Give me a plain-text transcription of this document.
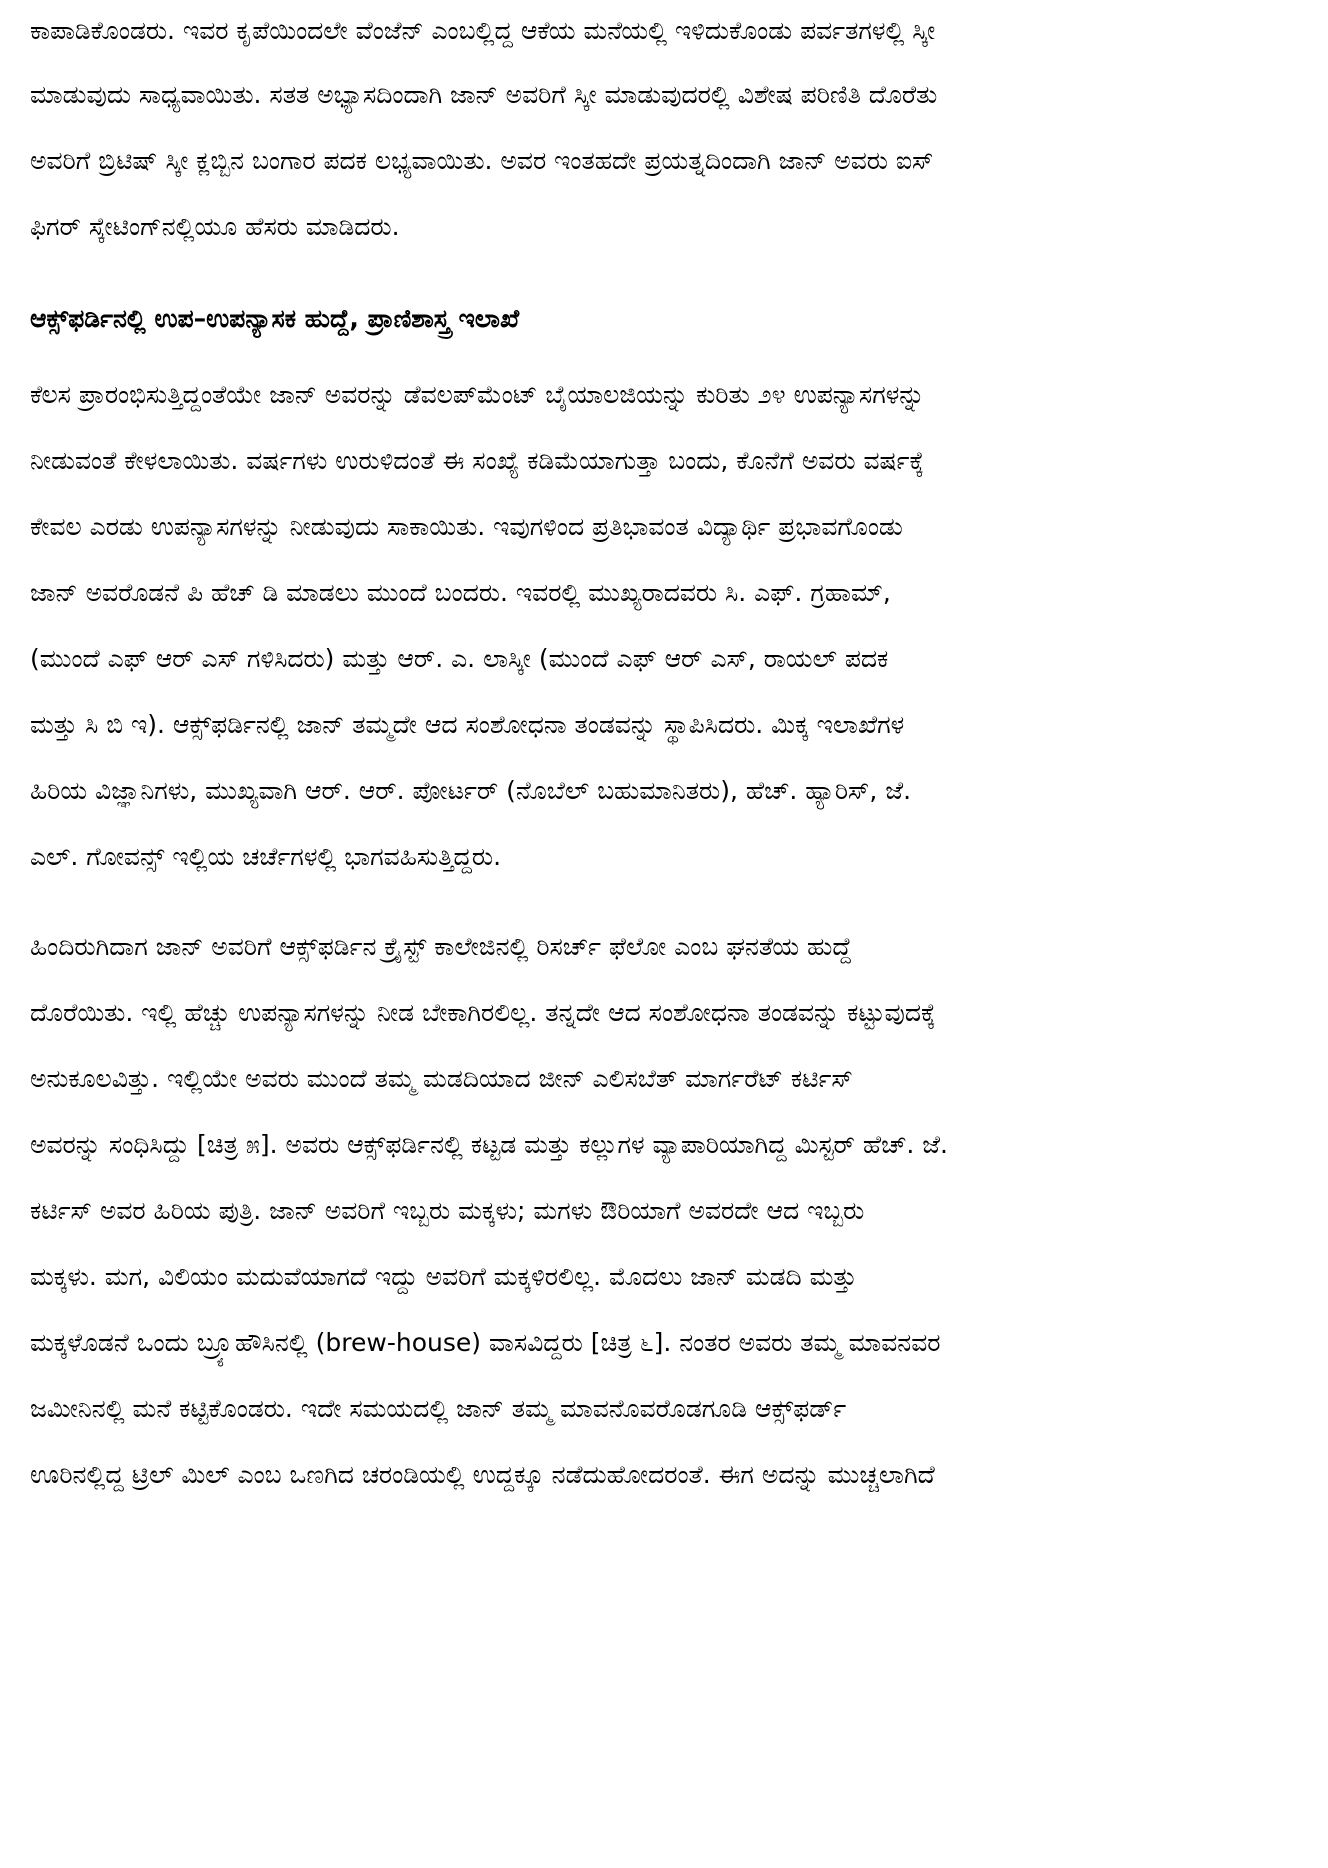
ಕಾಪಾಡಿಕೊಂಡರು. ಇವರ ಕೃಪೆಯಿಂದಲೇ ವೆಂಜೆನ್ ಎಂಬಲ್ಲಿದ್ದ ಆಕೆಯ ಮನೆಯಲ್ಲಿ ಇಳಿದುಕೊಂಡು ಪರ್ವತಗಳಲ್ಲಿ ಸ್ಕೀ
ಮಾಡುವುದು ಸಾಧ್ಯವಾಯಿತು. ಸತತ ಅಭ್ಯಾಸದಿಂದಾಗಿ ಜಾನ್ ಅವರಿಗೆ ಸ್ಕೀ ಮಾಡುವುದರಲ್ಲಿ ವಿಶೇಷ ಪರಿಣಿತಿ ದೊರೆತು
ಅವರಿಗೆ ಬ್ರಿಟಿಷ್ ಸ್ಕೀ ಕ್ಲಬ್ಬಿನ ಬಂಗಾರ ಪದಕ ಲಭ್ಯವಾಯಿತು. ಅವರ ಇಂತಹದೇ ಪ್ರಯತ್ನದಿಂದಾಗಿ ಜಾನ್ ಅವರು ಐಸ್
ಫಿಗರ್ ಸ್ಕೇಟಿಂಗ್‌ನಲ್ಲಿಯೂ ಹೆಸರು ಮಾಡಿದರು.
ಆಕ್ಸ್‌ಫರ್ಡಿನಲ್ಲಿ ಉಪ–ಉಪನ್ಯಾಸಕ ಹುದ್ದೆ, ಪ್ರಾಣಿಶಾಸ್ತ್ರ ಇಲಾಖೆ
ಕೆಲಸ ಪ್ರಾರಂಭಿಸುತ್ತಿದ್ದಂತೆಯೇ ಜಾನ್ ಅವರನ್ನು ಡೆವಲಪ್‌ಮೆಂಟ್ ಬೈಯಾಲಜಿಯನ್ನು ಕುರಿತು ೨೪ ಉಪನ್ಯಾಸಗಳನ್ನು
ನೀಡುವಂತೆ ಕೇಳಲಾಯಿತು. ವರ್ಷಗಳು ಉರುಳಿದಂತೆ ಈ ಸಂಖ್ಯೆ ಕಡಿಮೆಯಾಗುತ್ತಾ ಬಂದು, ಕೊನೆಗೆ ಅವರು ವರ್ಷಕ್ಕೆ
ಕೇವಲ ಎರಡು ಉಪನ್ಯಾಸಗಳನ್ನು ನೀಡುವುದು ಸಾಕಾಯಿತು. ಇವುಗಳಿಂದ ಪ್ರತಿಭಾವಂತ ವಿದ್ಯಾರ್ಥಿ ಪ್ರಭಾವಗೊಂಡು
ಜಾನ್ ಅವರೊಡನೆ ಪಿ ಹೆಚ್ ಡಿ ಮಾಡಲು ಮುಂದೆ ಬಂದರು. ಇವರಲ್ಲಿ ಮುಖ್ಯರಾದವರು ಸಿ. ಎಫ್. ಗ್ರಹಾಮ್,
(ಮುಂದೆ ಎಫ್ ಆರ್ ಎಸ್ ಗಳಿಸಿದರು) ಮತ್ತು ಆರ್. ಎ. ಲಾಸ್ಕೀ (ಮುಂದೆ ಎಫ್ ಆರ್ ಎಸ್, ರಾಯಲ್ ಪದಕ
ಮತ್ತು ಸಿ ಬಿ ಇ). ಆಕ್ಸ್‌ಫರ್ಡಿನಲ್ಲಿ ಜಾನ್ ತಮ್ಮದೇ ಆದ ಸಂಶೋಧನಾ ತಂಡವನ್ನು ಸ್ಥಾಪಿಸಿದರು. ಮಿಕ್ಕ ಇಲಾಖೆಗಳ
ಹಿರಿಯ ವಿಜ್ಞಾನಿಗಳು, ಮುಖ್ಯವಾಗಿ ಆರ್. ಆರ್. ಪೋರ್ಟರ್ (ನೊಬೆಲ್ ಬಹುಮಾನಿತರು), ಹೆಚ್. ಹ್ಯಾರಿಸ್, ಜೆ.
ಎಲ್. ಗೋವನ್ಸ್ ಇಲ್ಲಿಯ ಚರ್ಚೆಗಳಲ್ಲಿ ಭಾಗವಹಿಸುತ್ತಿದ್ದರು.
ಹಿಂದಿರುಗಿದಾಗ ಜಾನ್ ಅವರಿಗೆ ಆಕ್ಸ್‌ಫರ್ಡಿನ ಕ್ರೈಸ್ಟ್ ಕಾಲೇಜಿನಲ್ಲಿ ರಿಸರ್ಚ್ ಫೆಲೋ ಎಂಬ ಘನತೆಯ ಹುದ್ದೆ
ದೊರೆಯಿತು. ಇಲ್ಲಿ ಹೆಚ್ಚು ಉಪನ್ಯಾಸಗಳನ್ನು ನೀಡ ಬೇಕಾಗಿರಲಿಲ್ಲ. ತನ್ನದೇ ಆದ ಸಂಶೋಧನಾ ತಂಡವನ್ನು ಕಟ್ಟುವುದಕ್ಕೆ
ಅನುಕೂಲವಿತ್ತು. ಇಲ್ಲಿಯೇ ಅವರು ಮುಂದೆ ತಮ್ಮ ಮಡದಿಯಾದ ಜೀನ್ ಎಲಿಸಬೆತ್ ಮಾರ್ಗರೆಟ್ ಕರ್ಟಿಸ್
ಅವರನ್ನು ಸಂಧಿಸಿದ್ದು [ಚಿತ್ರ ೫]. ಅವರು ಆಕ್ಸ್‌ಫರ್ಡಿನಲ್ಲಿ ಕಟ್ಟಡ ಮತ್ತು ಕಲ್ಲುಗಳ ವ್ಯಾಪಾರಿಯಾಗಿದ್ದ ಮಿಸ್ಟರ್ ಹೆಚ್. ಜೆ.
ಕರ್ಟಿಸ್ ಅವರ ಹಿರಿಯ ಪುತ್ರಿ. ಜಾನ್ ಅವರಿಗೆ ಇಬ್ಬರು ಮಕ್ಕಳು; ಮಗಳು ಔರಿಯಾಗೆ ಅವರದೇ ಆದ ಇಬ್ಬರು
ಮಕ್ಕಳು. ಮಗ, ವಿಲಿಯಂ ಮದುವೆಯಾಗದೆ ಇದ್ದು ಅವರಿಗೆ ಮಕ್ಕಳಿರಲಿಲ್ಲ. ಮೊದಲು ಜಾನ್ ಮಡದಿ ಮತ್ತು
ಮಕ್ಕಳೊಡನೆ ಒಂದು ಬ್ರ್ಯೂಹೌಸಿನಲ್ಲಿ (brew-house) ವಾಸವಿದ್ದರು [ಚಿತ್ರ ೬]. ನಂತರ ಅವರು ತಮ್ಮ ಮಾವನವರ
ಜಮೀನಿನಲ್ಲಿ ಮನೆ ಕಟ್ಟಿಕೊಂಡರು. ಇದೇ ಸಮಯದಲ್ಲಿ ಜಾನ್ ತಮ್ಮ ಮಾವನೊವರೊಡಗೂಡಿ ಆಕ್ಸ್‌ಫರ್ಡ್
ಊರಿನಲ್ಲಿದ್ದ ಟ್ರಿಲ್ ಮಿಲ್ ಎಂಬ ಒಣಗಿದ ಚರಂಡಿಯಲ್ಲಿ ಉದ್ದಕ್ಕೂ ನಡೆದುಹೋದರಂತೆ. ಈಗ ಅದನ್ನು ಮುಚ್ಚಲಾಗಿದೆ
